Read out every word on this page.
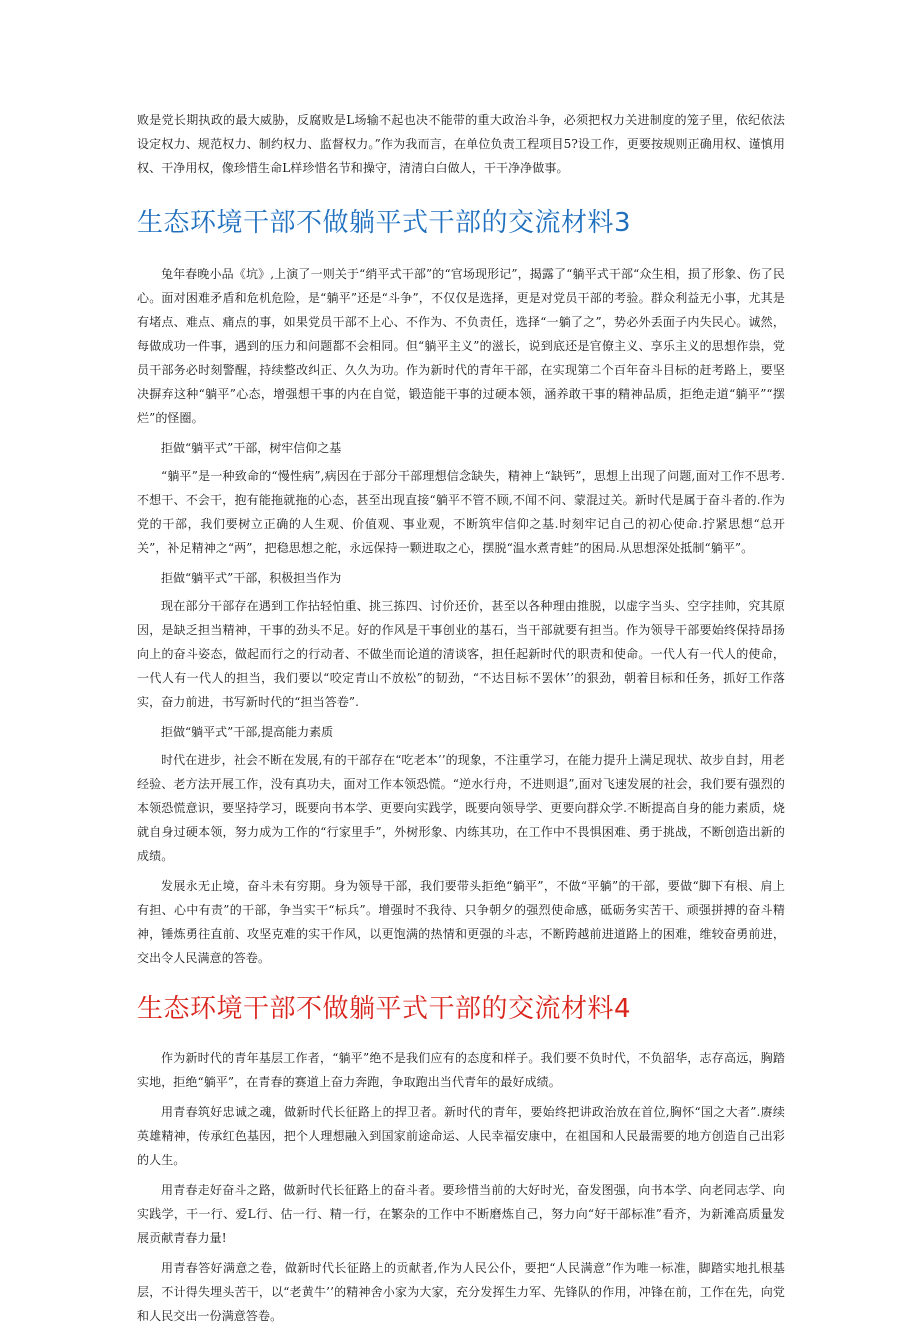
败是党长期执政的最大威胁，反腐败是L场输不起也决不能带的重大政治斗争，必须把权力关进制度的笼子里，依纪依法设定权力、规范权力、制约权力、监督权力。”作为我而言，在单位负责工程项目5?设工作，更要按规则正确用权、谨慎用权、干净用权，像珍惜生命L样珍惜名节和操守，清清白白做人，干干净净做事。

生态环境干部不做躺平式干部的交流材料3

兔年春晚小品《坑》,上演了一则关于“绡平式干部”的“官场现形记”，揭露了“躺平式干部“众生相，损了形象、伤了民心。面对困难矛盾和危机危险，是“躺平”还是“斗争”，不仅仅是选择，更是对党员干部的考验。群众利益无小事，尤其是有堵点、难点、痛点的事，如果党员干部不上心、不作为、不负责任，选择“一躺了之”，势必外丢面子内失民心。诚然，每做成功一件事，遇到的压力和问题都不会相同。但“躺平主义”的滋长，说到底还是官僚主义、享乐主义的思想作祟，党员干部务必时刻警醒，持续整改纠正、久久为功。作为新时代的青年干部，在实现第二个百年奋斗目标的赶考路上，要坚决摒弃这种“躺平”心态，增强想干事的内在自觉，锻造能干事的过硬本领，涵养敢干事的精神品质，拒绝走道“躺平”“摆烂”的怪圈。

拒做“躺平式”干部，树牢信仰之基

“躺平”是一种致命的“慢性病”,病因在于部分干部理想信念缺失，精神上“缺钙”，思想上出现了问题,面对工作不思考.不想干、不会干，抱有能拖就拖的心态，甚至出现直接“躺平不管不顾,不闻不问、蒙混过关。新时代是属于奋斗者的.作为党的干部，我们要树立正确的人生观、价值观、事业观，不断筑牢信仰之基.时刻牢记自己的初心使命.拧紧思想“总开关”，补足精神之“两”，把稳思想之舵，永远保持一颗进取之心，摆脱“温水煮青蛙”的困局.从思想深处抵制“躺平”。

拒做“躺平式”干部，积极担当作为

现在部分干部存在遇到工作拈轻怕重、挑三拣四、讨价还价，甚至以各种理由推脱，以虚字当头、空字挂帅，究其原因，是缺乏担当精神，干事的劲头不足。好的作风是干事创业的基石，当干部就要有担当。作为领导干部要始终保持昂扬向上的奋斗姿态，做起而行之的行动者、不做坐而论道的清谈客，担任起新时代的职责和使命。一代人有一代人的使命，一代人有一代人的担当，我们要以“咬定青山不放松”的韧劲，“不达目标不罢休’’的狠劲，朝着目标和任务，抓好工作落实，奋力前进，书写新时代的“担当答卷”.

拒做“躺平式”干部,提高能力素质

时代在进步，社会不断在发展,有的干部存在“吃老本’’的现象，不注重学习，在能力提升上满足现状、故步自封，用老经验、老方法开展工作，没有真功夫，面对工作本领恐慌。“逆水行舟，不进则退”,面对飞速发展的社会，我们要有强烈的本领恐慌意识，要坚持学习，既要向书本学、更要向实践学，既要向领导学、更要向群众学.不断提高自身的能力素质，烧就自身过硬本领，努力成为工作的“行家里手”，外树形象、内练其功，在工作中不畏惧困难、勇于挑战，不断创造出新的成绩。

发展永无止境，奋斗未有穷期。身为领导干部，我们要带头拒绝“躺平”，不做“平躺”的干部，要做“脚下有根、肩上有担、心中有责”的干部，争当实干“标兵”。增强时不我待、只争朝夕的强烈使命感，砥砺务实苦干、顽强拼搏的奋斗精神，锤炼勇往直前、攻坚克难的实干作风，以更饱满的热情和更强的斗志，不断跨越前进道路上的困难，维较奋勇前进，交出令人民满意的答卷。

生态环境干部不做躺平式干部的交流材料4

作为新时代的青年基层工作者，“躺平”绝不是我们应有的态度和样子。我们要不负时代，不负韶华，志存高远，胸踏实地，拒绝“躺平”，在青春的赛道上奋力奔跑，争取跑出当代青年的最好成绩。

用青春筑好忠诚之魂，做新时代长征路上的捍卫者。新时代的青年，要始终把讲政治放在首位,胸怀“国之大者”.赓续英雄精神，传承红色基因，把个人理想融入到国家前途命运、人民幸福安康中，在祖国和人民最需要的地方创造自己出彩的人生。

用青春走好奋斗之路，做新时代长征路上的奋斗者。要珍惜当前的大好时光，奋发图强，向书本学、向老同志学、向实践学，干一行、爱L行、估一行、精一行，在繁杂的工作中不断磨炼自己，努力向“好干部标准”看齐，为新滩高质量发展贡献青春力量!

用青春答好满意之卷，做新时代长征路上的贡献者,作为人民公仆，要把“人民满意”作为唯一标准，脚踏实地扎根基层，不计得失埋头苦干，以“老黄牛’’的精神舍小家为大家，充分发挥生力军、先锋队的作用，冲锋在前，工作在先，向党和人民交出一份满意答卷。
